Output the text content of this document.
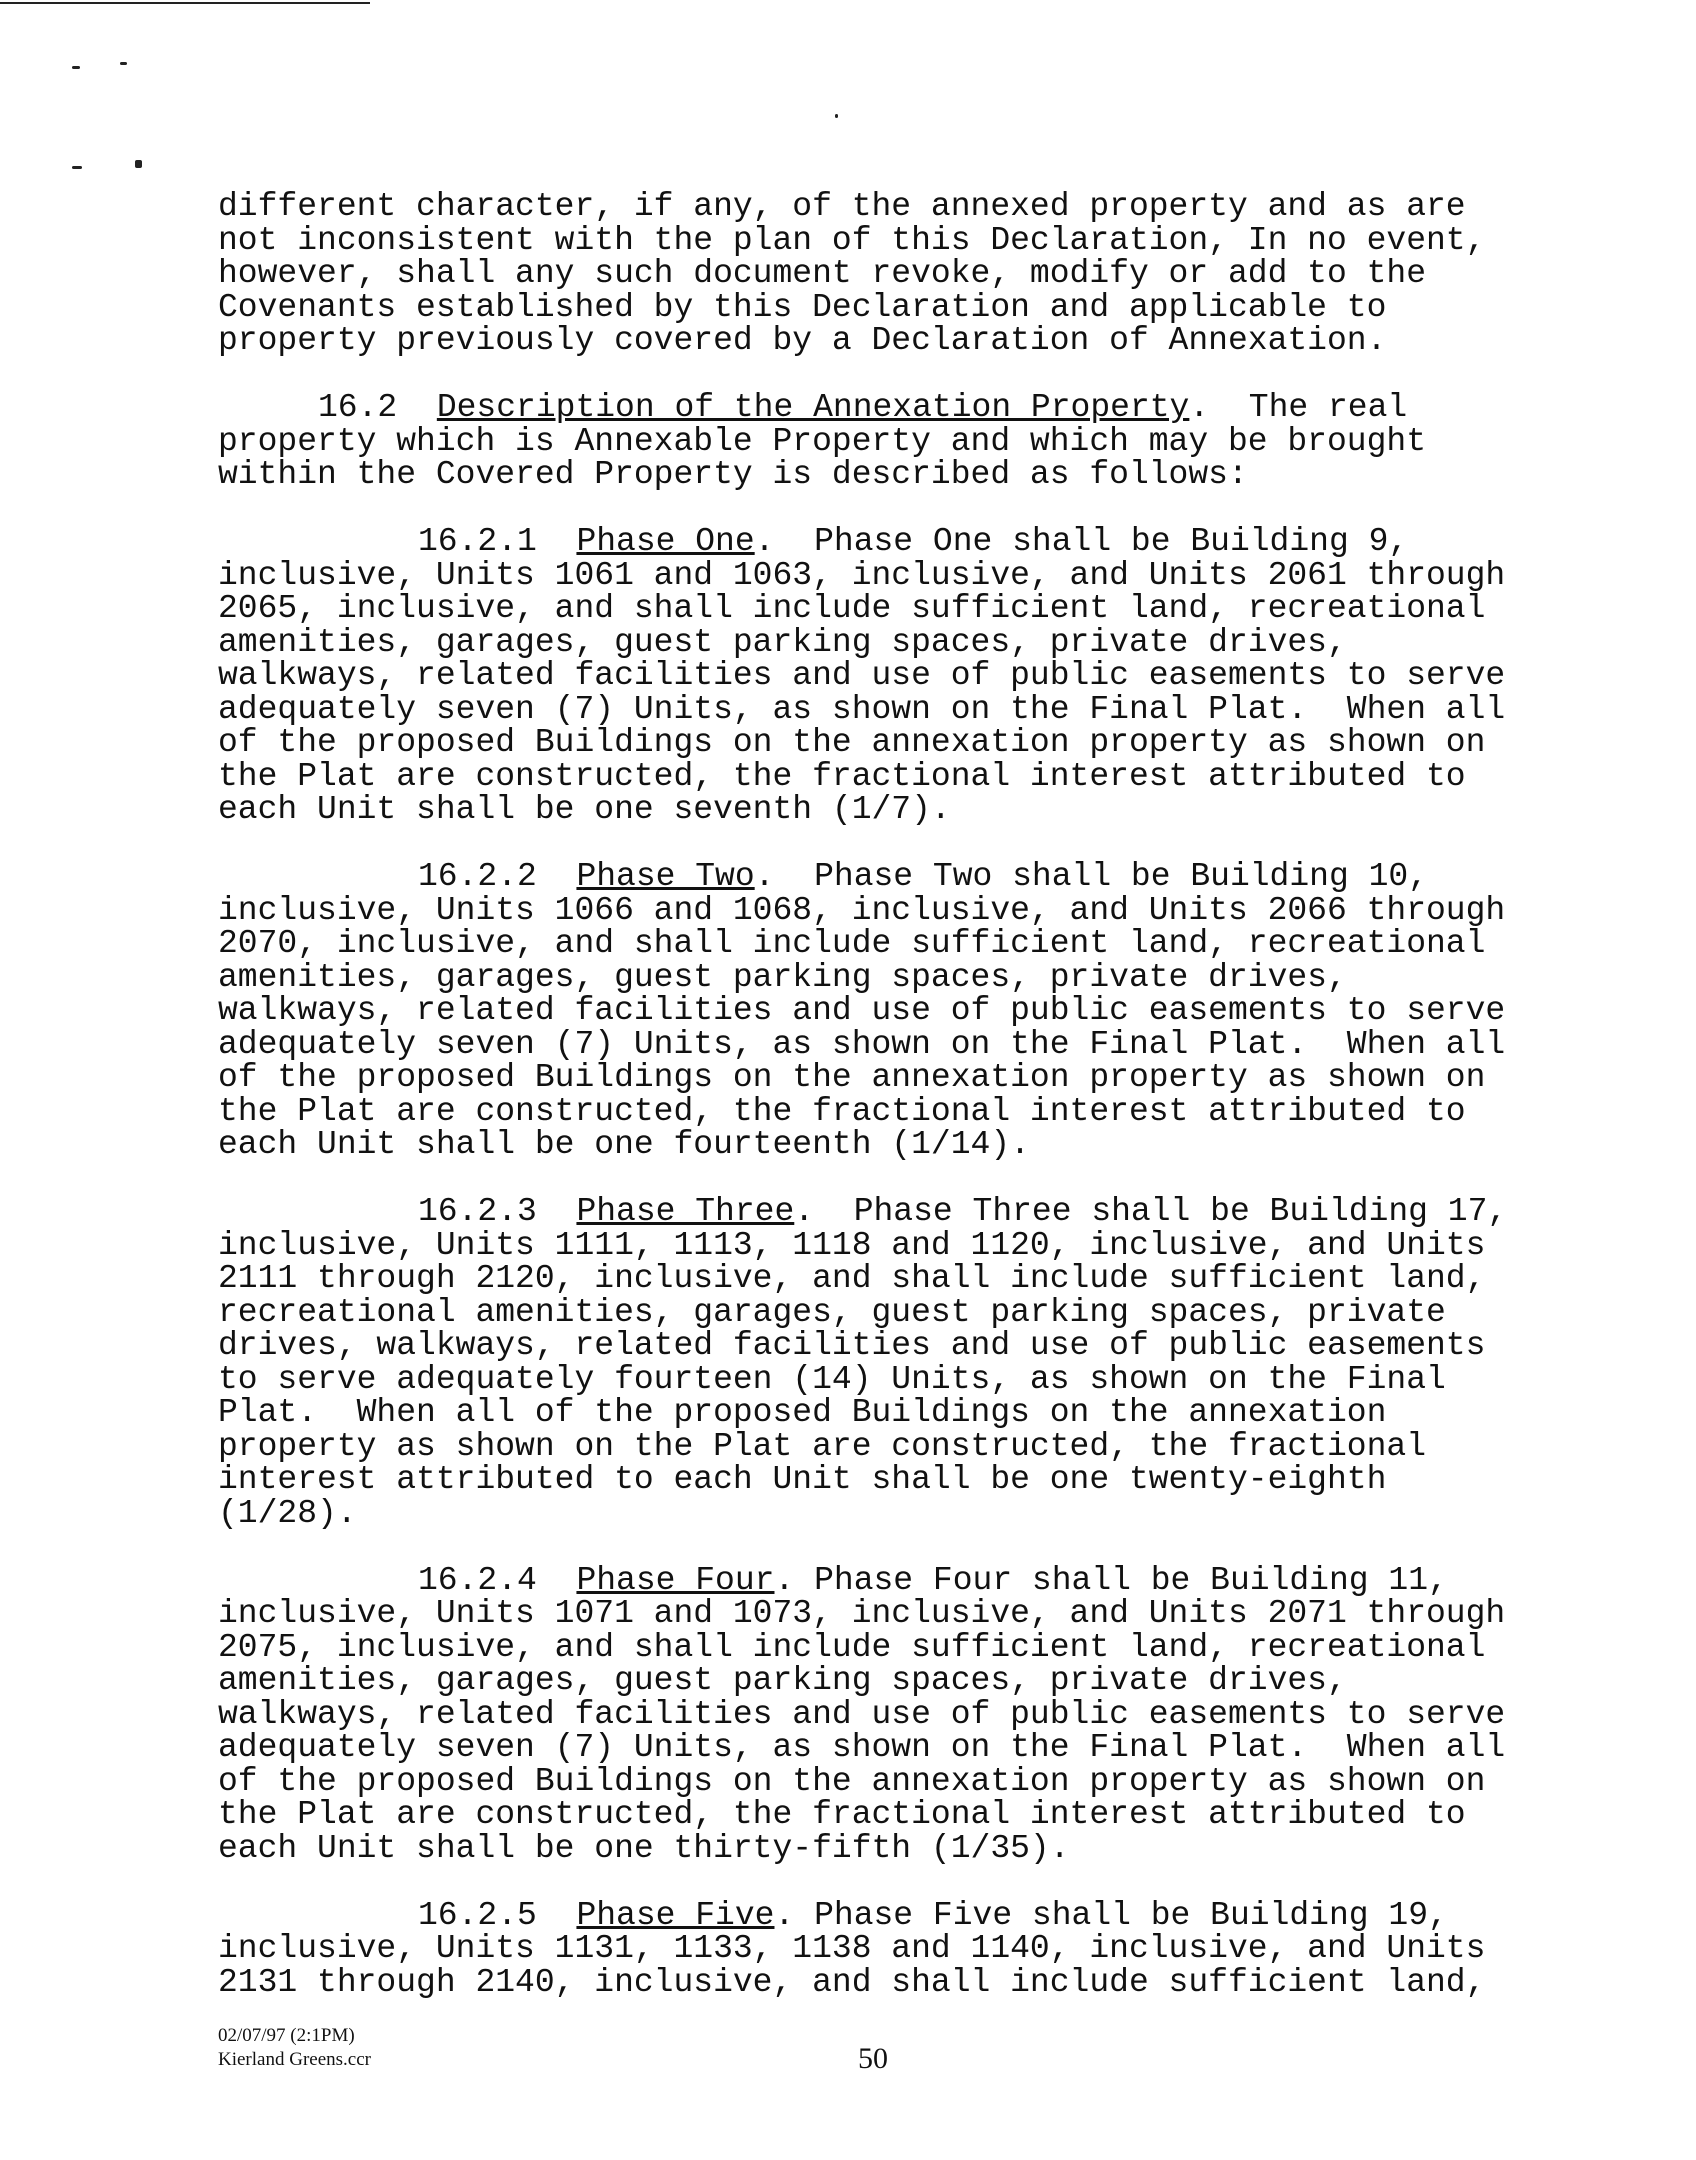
different character, if any, of the annexed property and as are
not inconsistent with the plan of this Declaration, In no event,
however, shall any such document revoke, modify or add to the
Covenants established by this Declaration and applicable to
property previously covered by a Declaration of Annexation.
16.2 Description of the Annexation Property.  The real
property which is Annexable Property and which may be brought
within the Covered Property is described as follows:
16.2.1 Phase One.  Phase One shall be Building 9,
inclusive, Units 1061 and 1063, inclusive, and Units 2061 through
2065, inclusive, and shall include sufficient land, recreational
amenities, garages, guest parking spaces, private drives,
walkways, related facilities and use of public easements to serve
adequately seven (7) Units, as shown on the Final Plat.  When all
of the proposed Buildings on the annexation property as shown on
the Plat are constructed, the fractional interest attributed to
each Unit shall be one seventh (1/7).
16.2.2 Phase Two.  Phase Two shall be Building 10,
inclusive, Units 1066 and 1068, inclusive, and Units 2066 through
2070, inclusive, and shall include sufficient land, recreational
amenities, garages, guest parking spaces, private drives,
walkways, related facilities and use of public easements to serve
adequately seven (7) Units, as shown on the Final Plat.  When all
of the proposed Buildings on the annexation property as shown on
the Plat are constructed, the fractional interest attributed to
each Unit shall be one fourteenth (1/14).
16.2.3 Phase Three.  Phase Three shall be Building 17,
inclusive, Units 1111, 1113, 1118 and 1120, inclusive, and Units
2111 through 2120, inclusive, and shall include sufficient land,
recreational amenities, garages, guest parking spaces, private
drives, walkways, related facilities and use of public easements
to serve adequately fourteen (14) Units, as shown on the Final
Plat.  When all of the proposed Buildings on the annexation
property as shown on the Plat are constructed, the fractional
interest attributed to each Unit shall be one twenty-eighth
(1/28).
16.2.4 Phase Four. Phase Four shall be Building 11,
inclusive, Units 1071 and 1073, inclusive, and Units 2071 through
2075, inclusive, and shall include sufficient land, recreational
amenities, garages, guest parking spaces, private drives,
walkways, related facilities and use of public easements to serve
adequately seven (7) Units, as shown on the Final Plat.  When all
of the proposed Buildings on the annexation property as shown on
the Plat are constructed, the fractional interest attributed to
each Unit shall be one thirty-fifth (1/35).
16.2.5 Phase Five. Phase Five shall be Building 19,
inclusive, Units 1131, 1133, 1138 and 1140, inclusive, and Units
2131 through 2140, inclusive, and shall include sufficient land,
02/07/97 (2:1PM)
Kierland Greens.ccr	50
